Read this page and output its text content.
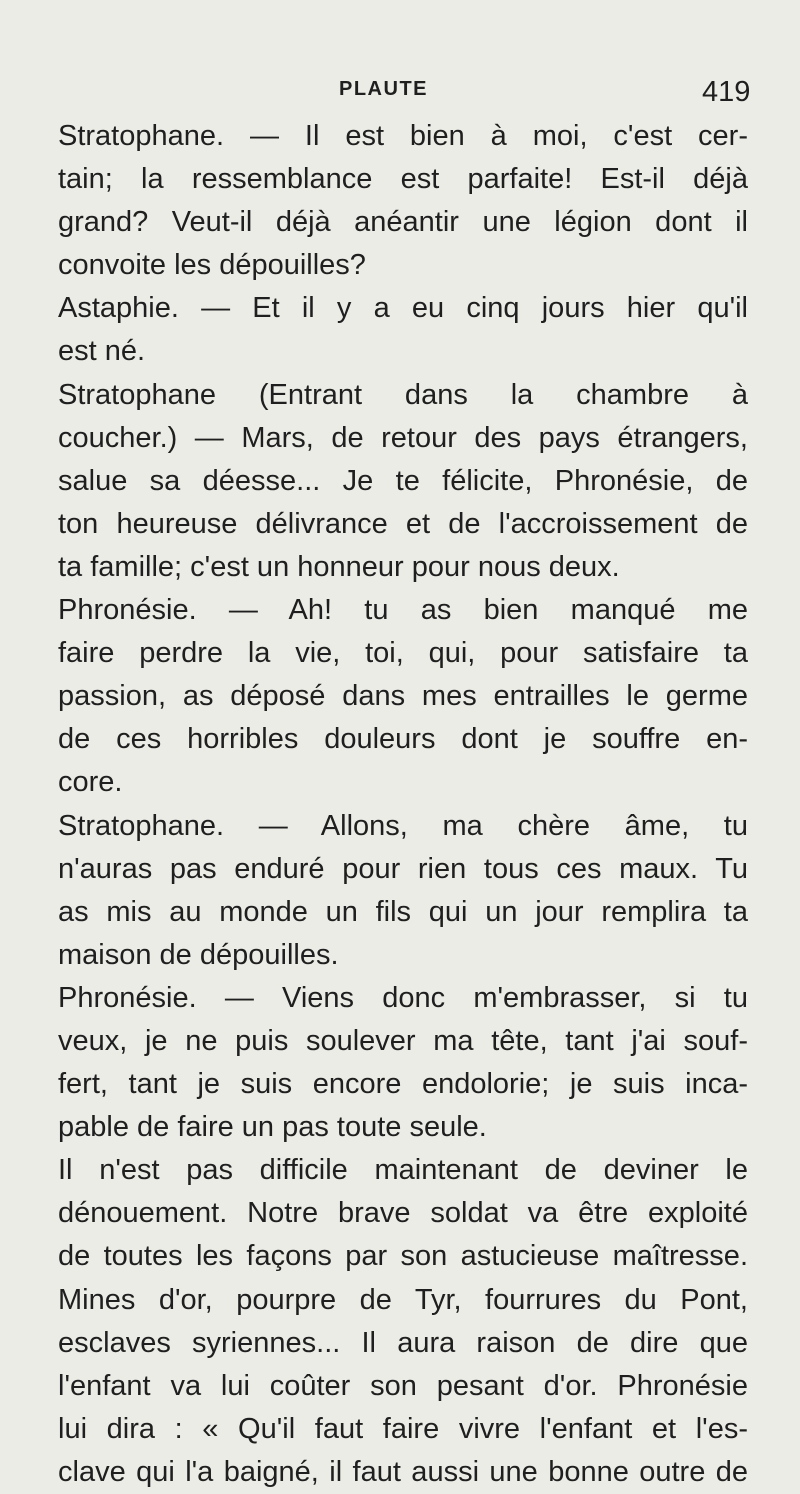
PLAUTE	419
Stratophane. — Il est bien à moi, c'est cer-
tain; la ressemblance est parfaite! Est-il déjà
grand? Veut-il déjà anéantir une légion dont il
convoite les dépouilles?
Astaphie. — Et il y a eu cinq jours hier qu'il
est né.
Stratophane (Entrant dans la chambre à
coucher.) — Mars, de retour des pays étrangers,
salue sa déesse... Je te félicite, Phronésie, de
ton heureuse délivrance et de l'accroissement de
ta famille; c'est un honneur pour nous deux.
Phronésie. — Ah! tu as bien manqué me
faire perdre la vie, toi, qui, pour satisfaire ta
passion, as déposé dans mes entrailles le germe
de ces horribles douleurs dont je souffre en-
core.
Stratophane. — Allons, ma chère âme, tu
n'auras pas enduré pour rien tous ces maux. Tu
as mis au monde un fils qui un jour remplira ta
maison de dépouilles.
Phronésie. — Viens donc m'embrasser, si tu
veux, je ne puis soulever ma tête, tant j'ai souf-
fert, tant je suis encore endolorie; je suis inca-
pable de faire un pas toute seule.
Il n'est pas difficile maintenant de deviner le
dénouement. Notre brave soldat va être exploité
de toutes les façons par son astucieuse maîtresse.
Mines d'or, pourpre de Tyr, fourrures du Pont,
esclaves syriennes... Il aura raison de dire que
l'enfant va lui coûter son pesant d'or. Phronésie
lui dira : « Qu'il faut faire vivre l'enfant et l'es-
clave qui l'a baigné, il faut aussi une bonne outre de
